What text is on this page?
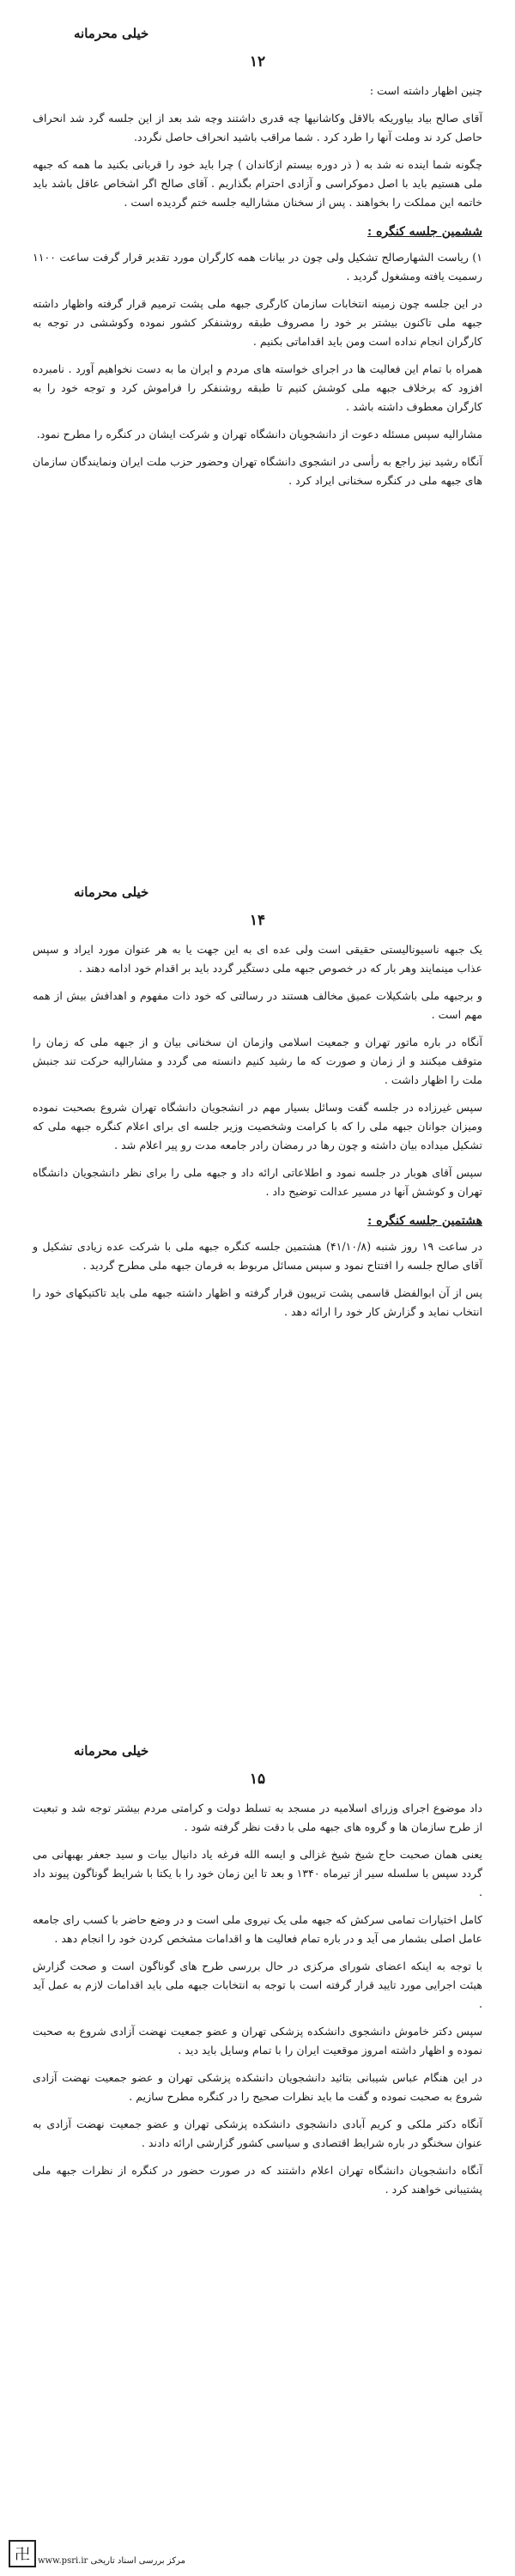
خیلی محرمانه
۱۲

چنین اظهار داشته است :

آقای صالح بیاد بیاوریکه بالاقل وکاشانیها چه قدری داشتند وچه شد بعد از این جلسه گرد شد انحراف حاصل کرد ند وملت آنها را طرد کرد . شما مراقب باشید انحراف حاصل نگردد.

چگونه شما اینده نه شد به ( ذر دوره بیستم ازکاندان ) چرا باید خود را قربانی بکنید ما همه که جبهه ملی هستیم باید با اصل دموکراسی و آزادی احترام بگذاریم . آقای صالح اگر اشخاص عاقل باشد باید خاتمه این مملکت را بخواهند . پس از سخنان مشارالیه جلسه ختم گردیده است .

ششمین جلسه کنگره :

۱) ریاست الشهارصالح تشکیل ولی چون در بیانات همه کارگران مورد تقدیر قرار گرفت ساعت ۱۱۰۰ رسمیت یافته ومشغول گردید .

در این جلسه چون زمینه انتخابات سازمان کارگری جبهه ملی پشت ترمیم قرار گرفته واظهار داشته جبهه ملی تاکنون بیشتر بر خود را مصروف طبقه روشنفکر کشور نموده وکوششی در توجه به کارگران انجام نداده است ومن باید اقداماتی بکنیم .

همراه با تمام این فعالیت ها در اجرای خواسته های مردم و ایران ما به دست نخواهیم آورد . نامبرده افزود که برخلاف جبهه ملی کوشش کنیم تا طبقه روشنفکر را فراموش کرد و توجه خود را به کارگران معطوف داشته باشد .

مشارالیه سپس مسئله دعوت از دانشجویان دانشگاه تهران و شرکت ایشان در کنگره را مطرح نمود.

آنگاه رشید نیز راجع به رأسی در انشجوی دانشگاه تهران وحضور حزب ملت ایران ونمایندگان سازمان های جبهه ملی در کنگره سخنانی ایراد کرد .

خیلی محرمانه
۱۴

یک جبهه ناسیونالیستی حقیقی است ولی عده ای به این جهت یا به هر عنوان مورد ایراد و سپس عذاب مینمایند وهر بار که در خصوص جبهه ملی دستگیر گردد باید بر اقدام خود ادامه دهند .

و برجبهه ملی باشکیلات عمیق مخالف هستند در رسالتی که خود ذات مفهوم و اهدافش بیش از همه مهم است .

آنگاه در باره ماتور تهران و جمعیت اسلامی وازمان ان سخنانی بیان و از جبهه ملی که زمان را متوقف میکنند و از زمان و صورت که ما رشید کنیم دانسته می گردد و مشارالیه حرکت تند جنبش ملت را اظهار داشت .

سپس غیرزاده در جلسه گفت وسائل بسیار مهم در انشجویان دانشگاه تهران شروع بصحبت نموده ومیزان جوانان جبهه ملی را که با کرامت وشخصیت وزیر جلسه ای برای اعلام کنگره جبهه ملی که تشکیل میداده بیان داشته و چون رها در رمضان رادر جامعه مدت رو پیر اعلام شد .

سپس آقای هوبار در جلسه نمود و اطلاعاتی ارائه داد و جبهه ملی را برای نظر دانشجویان دانشگاه تهران و کوشش آنها در مسیر عدالت توضیح داد .

هشتمین جلسه کنگره :

در ساعت ۱۹ روز شنبه (۴۱/۱۰/۸) هشتمین جلسه کنگره جبهه ملی با شرکت عده زیادی تشکیل و آقای صالح جلسه را افتتاح نمود و سپس مسائل مربوط به فرمان جبهه ملی مطرح گردید .

پس از آن ابوالفضل قاسمی پشت تریبون قرار گرفته و اظهار داشته جبهه ملی باید تاکتیکهای خود را انتخاب نماید و گزارش کار خود را ارائه دهد .

خیلی محرمانه
۱۵

داد موضوع اجرای وزرای اسلامیه در مسجد به تسلط دولت و کرامتی مردم بیشتر توجه شد و تبعیت از طرح سازمان ها و گروه های جبهه ملی با دقت نظر گرفته شود .

یعنی همان صحبت حاج شیخ شیخ غزالی و ایسه الله فرغه یاد دانیال بیات و سید جعفر بهبهانی می گردد سپس با سلسله سیر از تیرماه ۱۳۴۰ و بعد تا این زمان خود را با یکتا با شرایط گوناگون پیوند داد .

کامل اختیارات تمامی سرکش که جبهه ملی یک نیروی ملی است و در وضع حاضر با کسب رای جامعه عامل اصلی بشمار می آید و در باره تمام فعالیت ها و اقدامات مشخص کردن خود را انجام دهد .

با توجه به اینکه اعضای شورای مرکزی در حال بررسی طرح های گوناگون است و صحت گزارش هیئت اجرایی مورد تایید قرار گرفته است با توجه به انتخابات جبهه ملی باید اقدامات لازم به عمل آید .

سپس دکتر خاموش دانشجوی دانشکده پزشکی تهران و عضو جمعیت نهضت آزادی شروع به صحبت نموده و اظهار داشته امروز موقعیت ایران را با تمام وسایل باید دید .

در این هنگام عباس شیبانی بتائید دانشجویان دانشکده پزشکی تهران و عضو جمعیت نهضت آزادی شروع به صحبت نموده و گفت ما باید نظرات صحیح را در کنگره مطرح سازیم .

آنگاه دکتر ملکی و کریم آبادی دانشجوی دانشکده پزشکی تهران و عضو جمعیت نهضت آزادی به عنوان سخنگو در باره شرایط اقتصادی و سیاسی کشور گزارشی ارائه دادند .

آنگاه دانشجویان دانشگاه تهران اعلام داشتند که در صورت حضور در کنگره از نظرات جبهه ملی پشتیبانی خواهند کرد .

卍 مرکز بررسی اسناد تاریخی www.psri.ir
